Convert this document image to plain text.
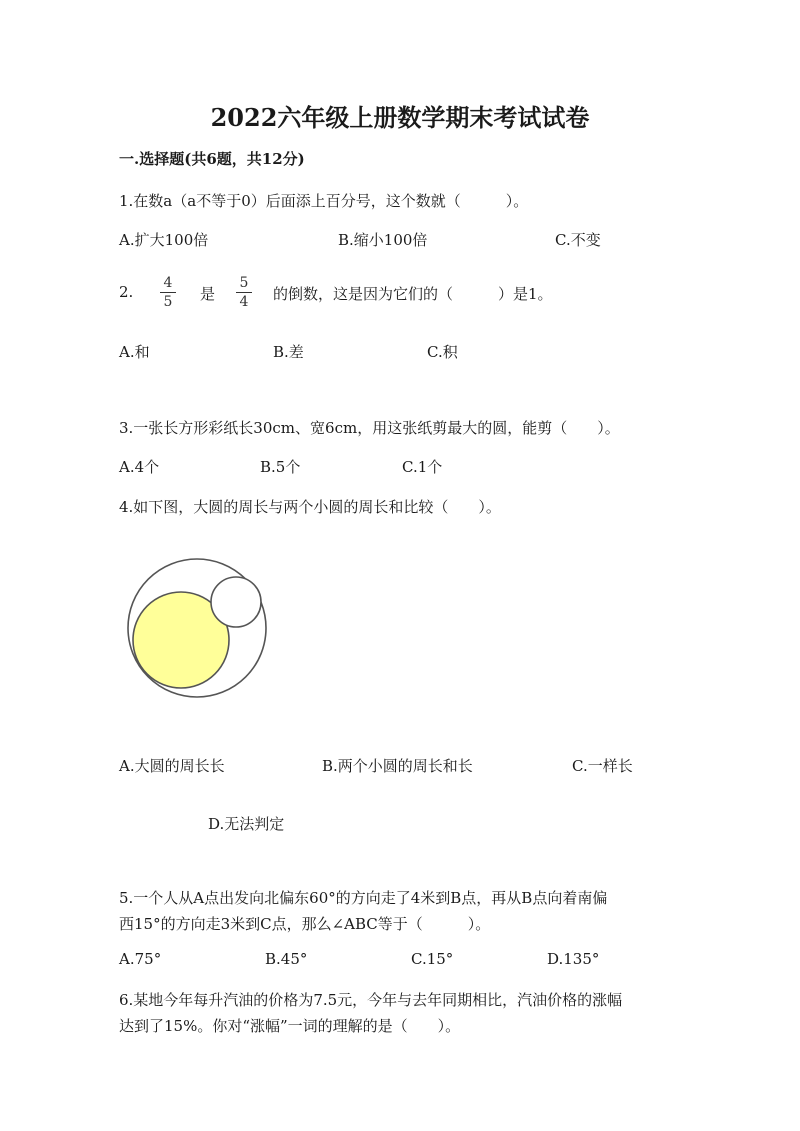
2022六年级上册数学期末考试试卷
一.选择题(共6题，共12分)
1.在数a（a不等于0）后面添上百分号，这个数就（　　　）。
A.扩大100倍	B.缩小100倍	C.不变
2. 4
5 是
5
4 的倒数，这是因为它们的（　　　）是1。
A.和	B.差	C.积
3.一张长方形彩纸长30cm、宽6cm，用这张纸剪最大的圆，能剪（　　）。
A.4个	B.5个	C.1个
4.如下图，大圆的周长与两个小圆的周长和比较（　　）。
A.大圆的周长长	B.两个小圆的周长和长	C.一样长
D.无法判定
5.一个人从A点出发向北偏东60°的方向走了4米到B点，再从B点向着南偏
西15°的方向走3米到C点，那么∠ABC等于（　　　）。
A.75°	B.45°	C.15°	D.135°
6.某地今年每升汽油的价格为7.5元，今年与去年同期相比，汽油价格的涨幅
达到了15%。你对“涨幅”一词的理解的是（　　）。
